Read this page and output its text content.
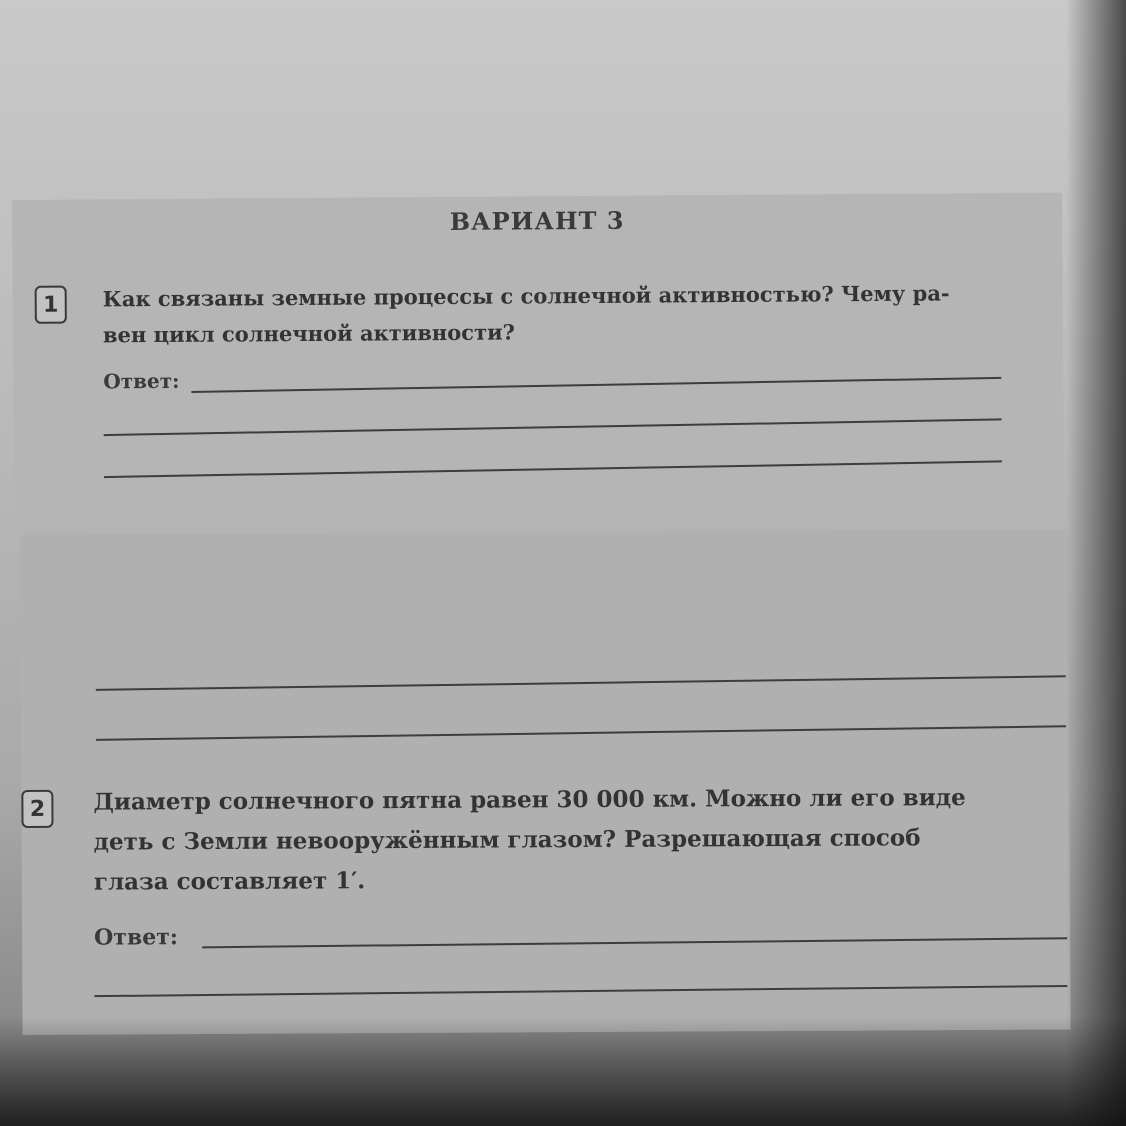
ВАРИАНТ 3
1	Как связаны земные процессы с солнечной активностью? Чему ра-
вен цикл солнечной активности?
Ответ:
2	Диаметр солнечного пятна равен 30 000 км. Можно ли его виде
деть с Земли невооружённым глазом? Разрешающая способ
глаза составляет 1′.
Ответ:
